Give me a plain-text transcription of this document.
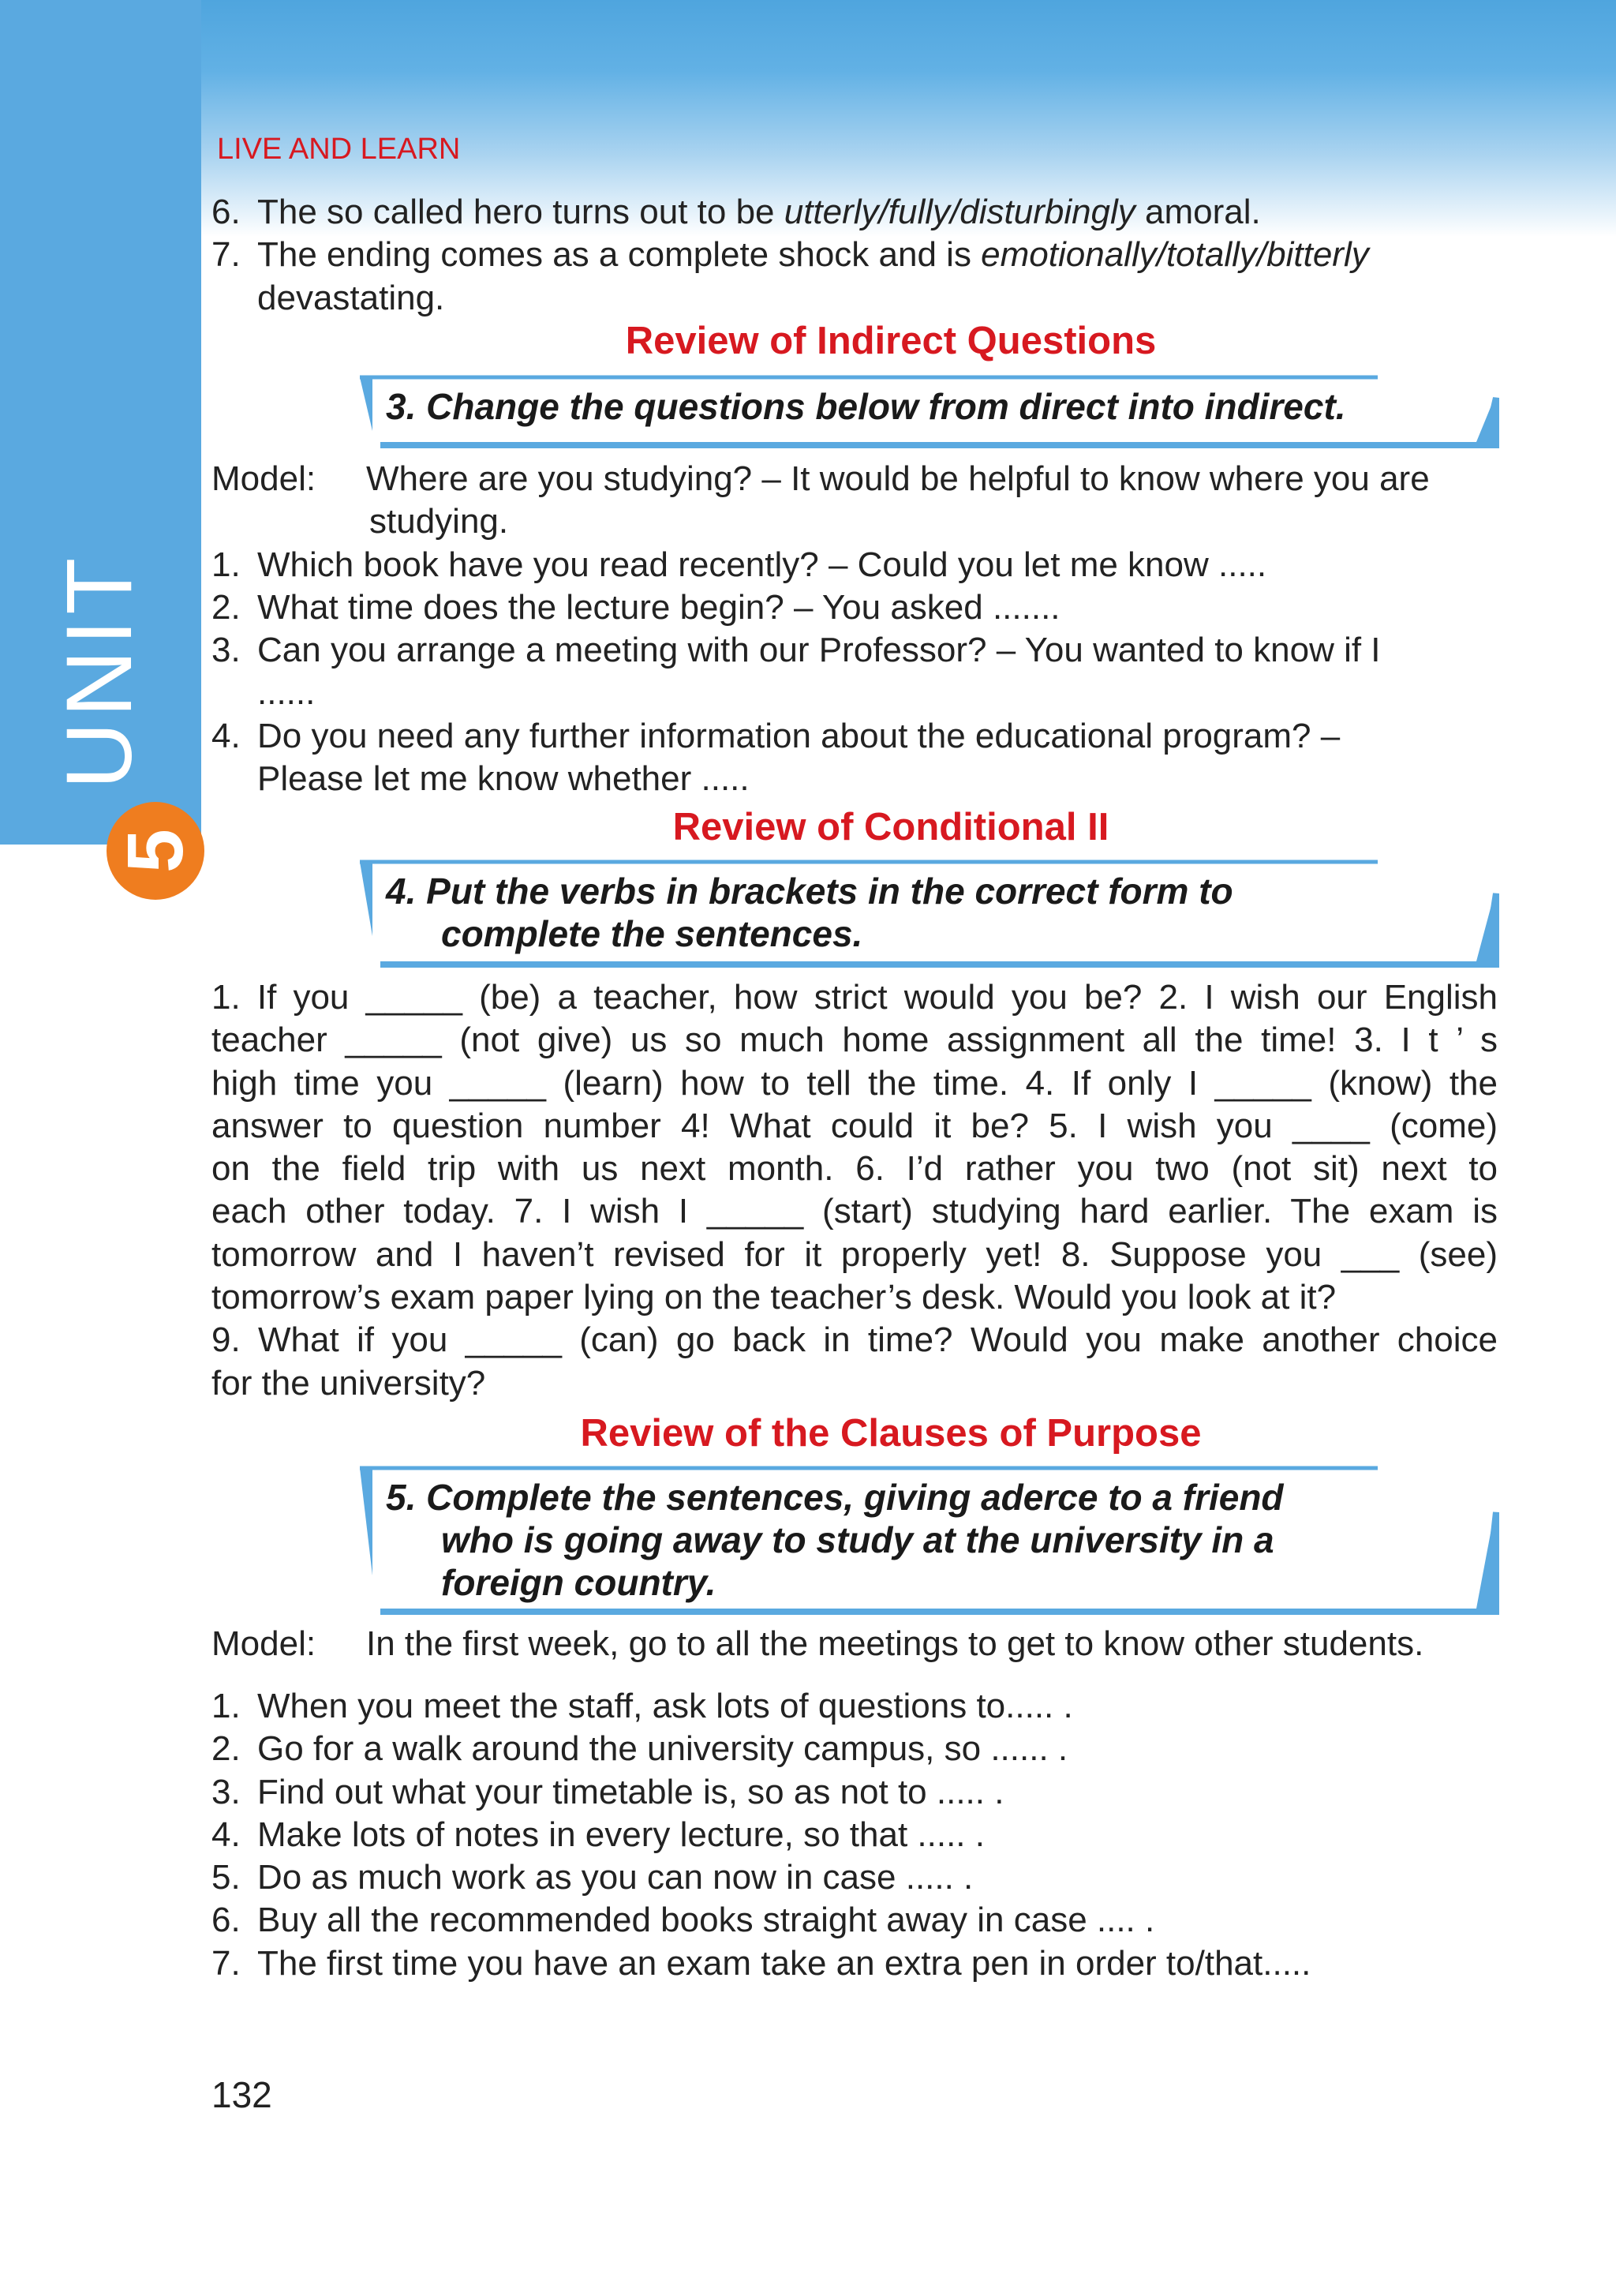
UNIT
5
LIVE AND LEARN
6. The so called hero turns out to be utterly/fully/disturbingly amoral.
7. The ending comes as a complete shock and is emotionally/totally/bitterly
devastating.
Review of Indirect Questions
3. Change the questions below from direct into indirect.
Model:	Where are you studying? – It would be helpful to know where you are
studying.
1. Which book have you read recently? – Could you let me know .....
2. What time does the lecture begin? – You asked .......
3. Can you arrange a meeting with our Professor? – You wanted to know if I
......
4. Do you need any further information about the educational program? –
Please let me know whether .....
Review of Conditional II
4. Put the verbs in brackets in the correct form to
complete the sentences.
1. If you _____ (be) a teacher, how strict would you be? 2. I wish our English
teacher _____ (not give) us so much home assignment all the time! 3. I t ’ s
high time you _____ (learn) how to tell the time. 4. If only I _____ (know) the
answer to question number 4! What could it be? 5. I wish you ____ (come)
on the field trip with us next month. 6. I’d rather you two (not sit) next to
each other today. 7. I wish I _____ (start) studying hard earlier. The exam is
tomorrow and I haven’t revised for it properly yet! 8. Suppose you ___ (see)
tomorrow’s exam paper lying on the teacher’s desk. Would you look at it?
9. What if you _____ (can) go back in time? Would you make another choice
for the university?
Review of the Clauses of Purpose
5. Complete the sentences, giving aderce to a friend
who is going away to study at the university in a
foreign country.
Model:	In the first week, go to all the meetings to get to know other students.
1. When you meet the staff, ask lots of questions to..... .
2. Go for a walk around the university campus, so ...... .
3. Find out what your timetable is, so as not to ..... .
4. Make lots of notes in every lecture, so that ..... .
5. Do as much work as you can now in case ..... .
6. Buy all the recommended books straight away in case .... .
7. The first time you have an exam take an extra pen in order to/that.....
132
